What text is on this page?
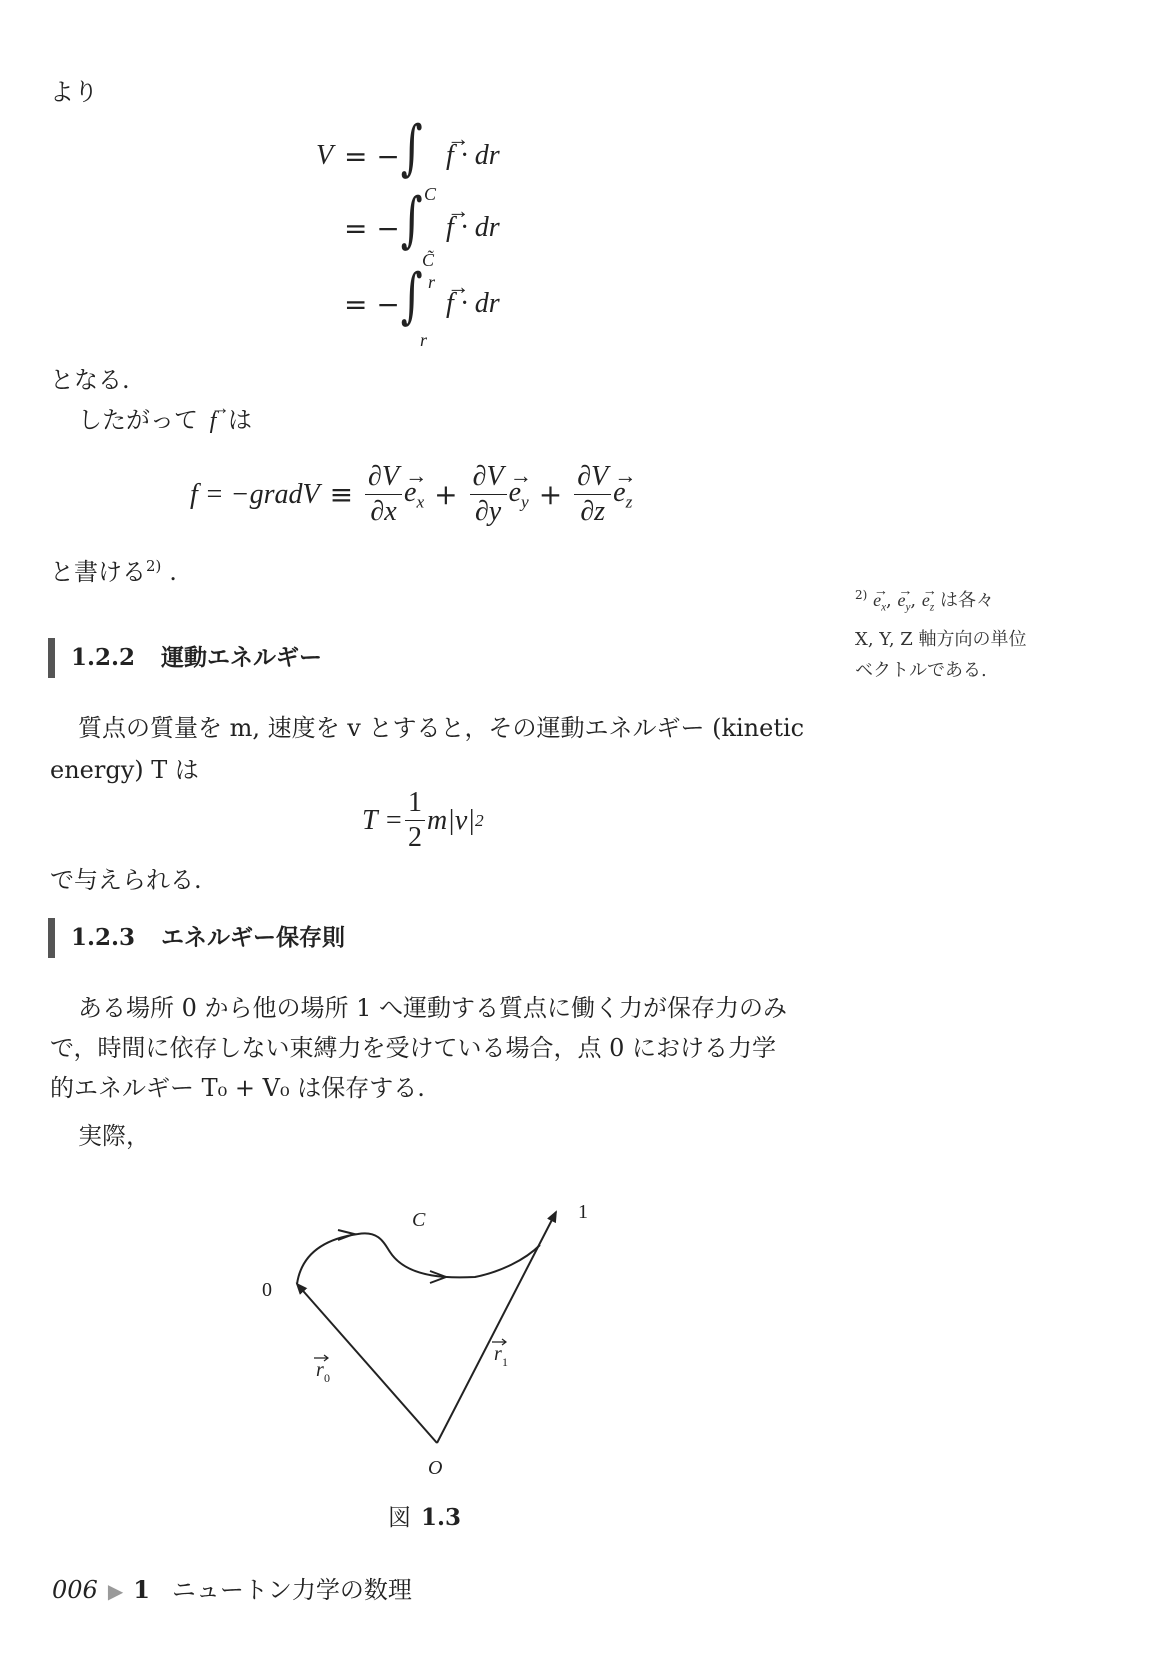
より
V = − ∫
C
→ f · dr
= − ∫
C̃
→ f · dr
= − ∫ r⃗
r⃗
→ f · dr
となる.
したがって → f は
f = −grad $V \equiv \frac{\partial V}{\partial x}$
→ $e_x + \frac{\partial V}{\partial y}$
→ $e_y + \frac{\partial V}{\partial z}$
→ $e_z$
と書ける$^{2)}$ .
$^{2)} \to e_x$, → $e_y$, → $e_z$ は各々
X, Y, Z 軸方向の単位
ベクトルである.
1.2.2 運動エネルギー
質点の質量を m, 速度を v とすると，その運動エネルギー (kinetic
energy) T は
$T = \frac{1}{2} m|v|$ 2
で与えられる.
1.2.3 エネルギー保存則
ある場所 0 から他の場所 1 へ運動する質点に働く力が保存力のみ
で，時間に依存しない束縛力を受けている場合，点 0 における力学
的エネルギー T₀ + V₀ は保存する.
実際，
C	1
0
O
r 0
r 1
図 1.3
006 ▶ 1 ニュートン力学の数理
